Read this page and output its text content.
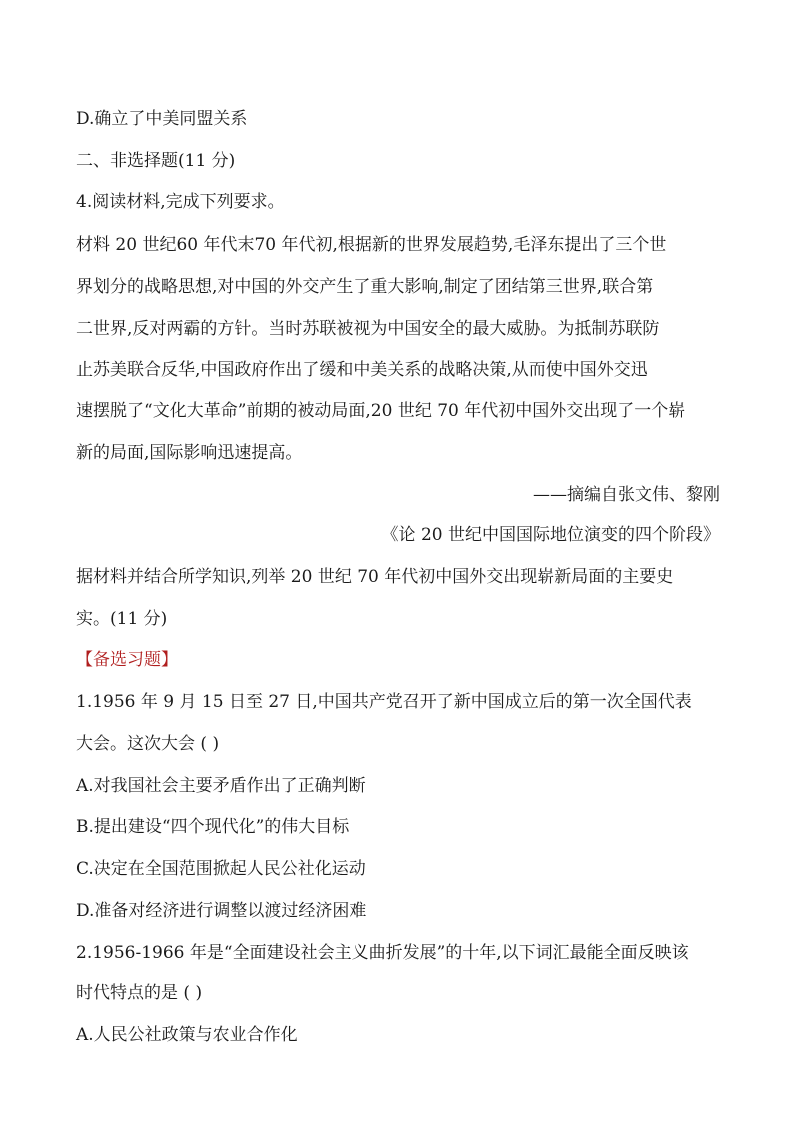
D.确立了中美同盟关系
二、非选择题(11 分)
4.阅读材料,完成下列要求。
材料 20 世纪60 年代末70 年代初,根据新的世界发展趋势,毛泽东提出了三个世
界划分的战略思想,对中国的外交产生了重大影响,制定了团结第三世界,联合第
二世界,反对两霸的方针。当时苏联被视为中国安全的最大威胁。为抵制苏联防
止苏美联合反华,中国政府作出了缓和中美关系的战略决策,从而使中国外交迅
速摆脱了“文化大革命”前期的被动局面,20 世纪 70 年代初中国外交出现了一个崭
新的局面,国际影响迅速提高。
——摘编自张文伟、黎刚
《论 20 世纪中国国际地位演变的四个阶段》
据材料并结合所学知识,列举 20 世纪 70 年代初中国外交出现崭新局面的主要史
实。(11 分)
【备选习题】
1.1956 年 9 月 15 日至 27 日,中国共产党召开了新中国成立后的第一次全国代表
大会。这次大会 ( )
A.对我国社会主要矛盾作出了正确判断
B.提出建设“四个现代化”的伟大目标
C.决定在全国范围掀起人民公社化运动
D.准备对经济进行调整以渡过经济困难
2.1956-1966 年是“全面建设社会主义曲折发展”的十年,以下词汇最能全面反映该
时代特点的是 ( )
A.人民公社政策与农业合作化
